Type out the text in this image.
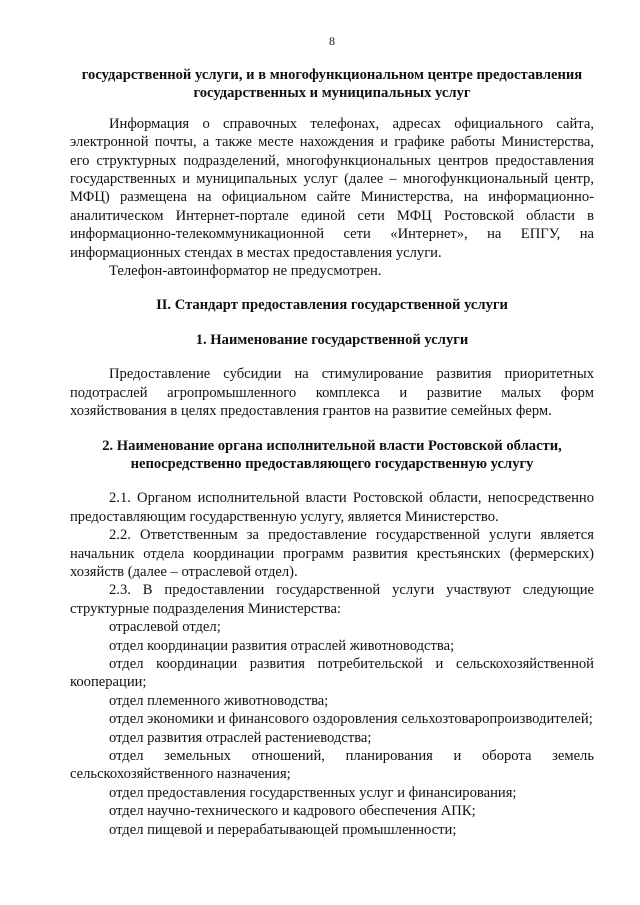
8

государственной услуги, и в многофункциональном центре предоставления государственных и муниципальных услуг

Информация о справочных телефонах, адресах официального сайта, электронной почты, а также месте нахождения и графике работы Министерства, его структурных подразделений, многофункциональных центров предоставления государственных и муниципальных услуг (далее – многофункциональный центр, МФЦ) размещена на официальном сайте Министерства, на информационно-аналитическом Интернет-портале единой сети МФЦ Ростовской области в информационно-телекоммуникационной сети «Интернет», на ЕПГУ, на информационных стендах в местах предоставления услуги.

Телефон-автоинформатор не предусмотрен.

II. Стандарт предоставления государственной услуги

1. Наименование государственной услуги

Предоставление субсидии на стимулирование развития приоритетных подотраслей агропромышленного комплекса и развитие малых форм хозяйствования в целях предоставления грантов на развитие семейных ферм.

2. Наименование органа исполнительной власти Ростовской области, непосредственно предоставляющего государственную услугу

2.1. Органом исполнительной власти Ростовской области, непосредственно предоставляющим государственную услугу, является Министерство.

2.2. Ответственным за предоставление государственной услуги является начальник отдела координации программ развития крестьянских (фермерских) хозяйств (далее – отраслевой отдел).

2.3. В предоставлении государственной услуги участвуют следующие структурные подразделения Министерства:

отраслевой отдел;

отдел координации развития отраслей животноводства;

отдел координации развития потребительской и сельскохозяйственной кооперации;

отдел племенного животноводства;

отдел экономики и финансового оздоровления сельхозтоваропроизводителей;

отдел развития отраслей растениеводства;

отдел земельных отношений, планирования и оборота земель сельскохозяйственного назначения;

отдел предоставления государственных услуг и финансирования;

отдел научно-технического и кадрового обеспечения АПК;

отдел пищевой и перерабатывающей промышленности;
